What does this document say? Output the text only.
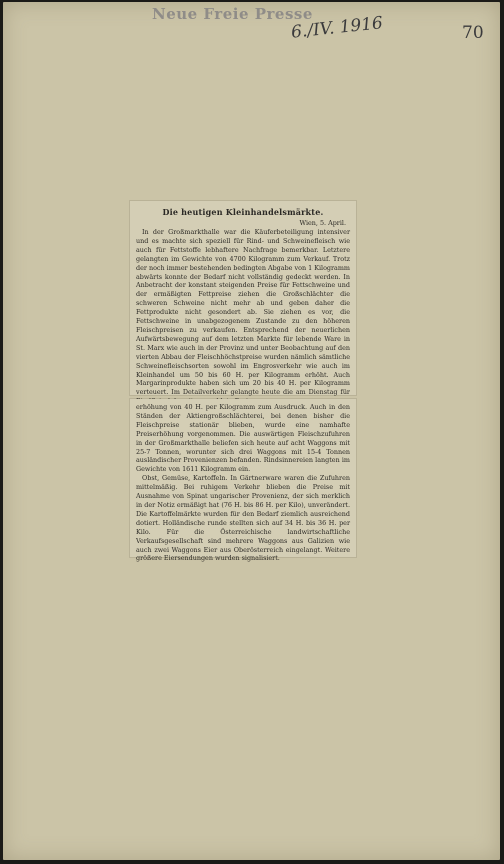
Neue Freie Presse
6./IV. 1916	70
Die heutigen Kleinhandelsmärkte.
Wien, 5. April.

In der Großmarkthalle war die Käuferbeteiligung intensiver und es machte sich speziell für Rind- und Schweinefleisch wie auch für Fettstoffe lebhaftere Nachfrage bemerkbar. Letztere gelangten im Gewichte von 4700 Kilogramm zum Verkauf. Trotz der noch immer bestehenden bedingten Abgabe von 1 Kilogramm abwärts konnte der Bedarf nicht vollständig gedeckt werden. In Anbetracht der konstant steigenden Preise für Fettschweine und der ermäßigten Fettpreise ziehen die Großschlächter die schweren Schweine nicht mehr ab und geben daher die Fettprodukte nicht gesondert ab. Sie ziehen es vor, die Fettschweine in unabgezogenem Zustande zu den höheren Fleischpreisen zu verkaufen. Entsprechend der neuerlichen Aufwärtsbewegung auf dem letzten Markte für lebende Ware in St. Marx wie auch in der Provinz und unter Beobachtung auf den vierten Abbau der Fleischhöchstpreise wurden nämlich sämtliche Schweinefleischsorten sowohl im Engrosverkehr wie auch im Kleinhandel um 50 bis 60 H. per Kilogramm erhöht. Auch Margarinprodukte haben sich um 20 bis 40 H. per Kilogramm verteuert. Im Detailverkehr gelangte heute die am Dienstag für

erhöhung von 40 H. per Kilogramm zum Ausdruck. Auch in den Ständen der Aktiengroßschlächterei, bei denen bisher die Fleischpreise stationär blieben, wurde eine namhafte Preiserhöhung vorgenommen. Die auswärtigen Fleischzufuhren in der Großmarkthalle beliefen sich heute auf acht Waggons mit 25-7 Tonnen, worunter sich drei Waggons mit 15-4 Tonnen ausländischer Provenienzen befanden. Rindsinnereien langten im Gewichte von 1611 Kilogramm ein.

Obst, Gemüse, Kartoffeln. In Gärtnerware waren die Zufuhren mittelmäßig. Bei ruhigem Verkehr blieben die Preise mit Ausnahme von Spinat ungarischer Provenienz, der sich merklich in der Notiz ermäßigt hat (76 H. bis 86 H. per Kilo), unverändert. Die Kartoffelmärkte wurden für den Bedarf ziemlich ausreichend dotiert. Holländische runde stellten sich auf 34 H. bis 36 H. per Kilo. Für die Österreichische landwirtschaftliche Verkaufsgesellschaft sind mehrere Waggons aus Galizien wie auch zwei Waggons Eier aus Oberösterreich eingelangt. Weitere größere Eiersendungen wurden signalisiert.
